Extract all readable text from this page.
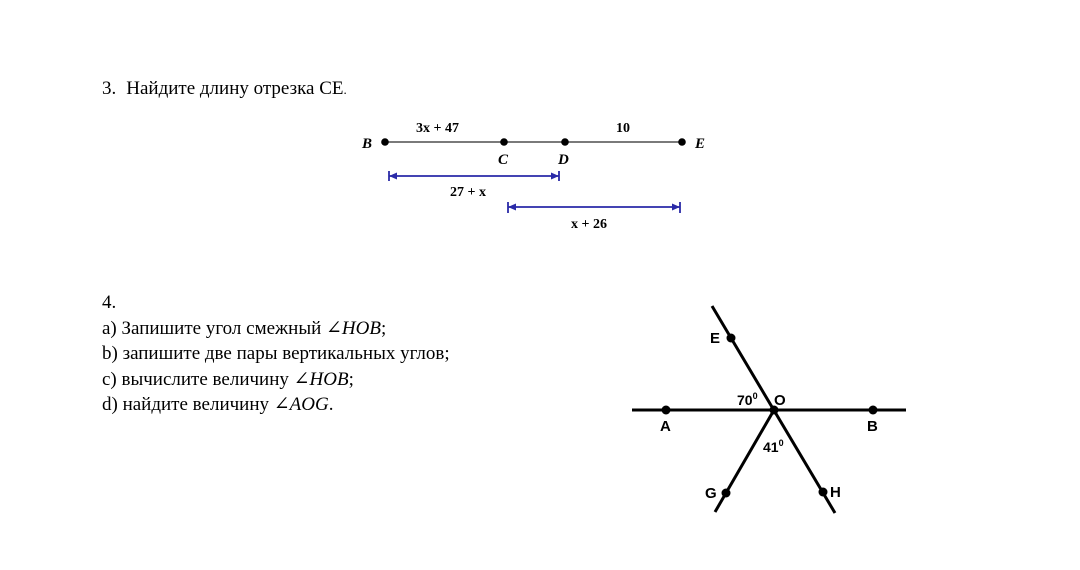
3. Найдите длину отрезка CE.
B
C	D
E
3x + 47	10
27 + x
x + 26
4.
a) Запишите угол смежный ∠HOB;
b) запишите две пары вертикальных углов;
c) вычислите величину ∠HOB;
d) найдите величину ∠AOG.
E
O
A	B
G	H
$70^0$
$41^0$
